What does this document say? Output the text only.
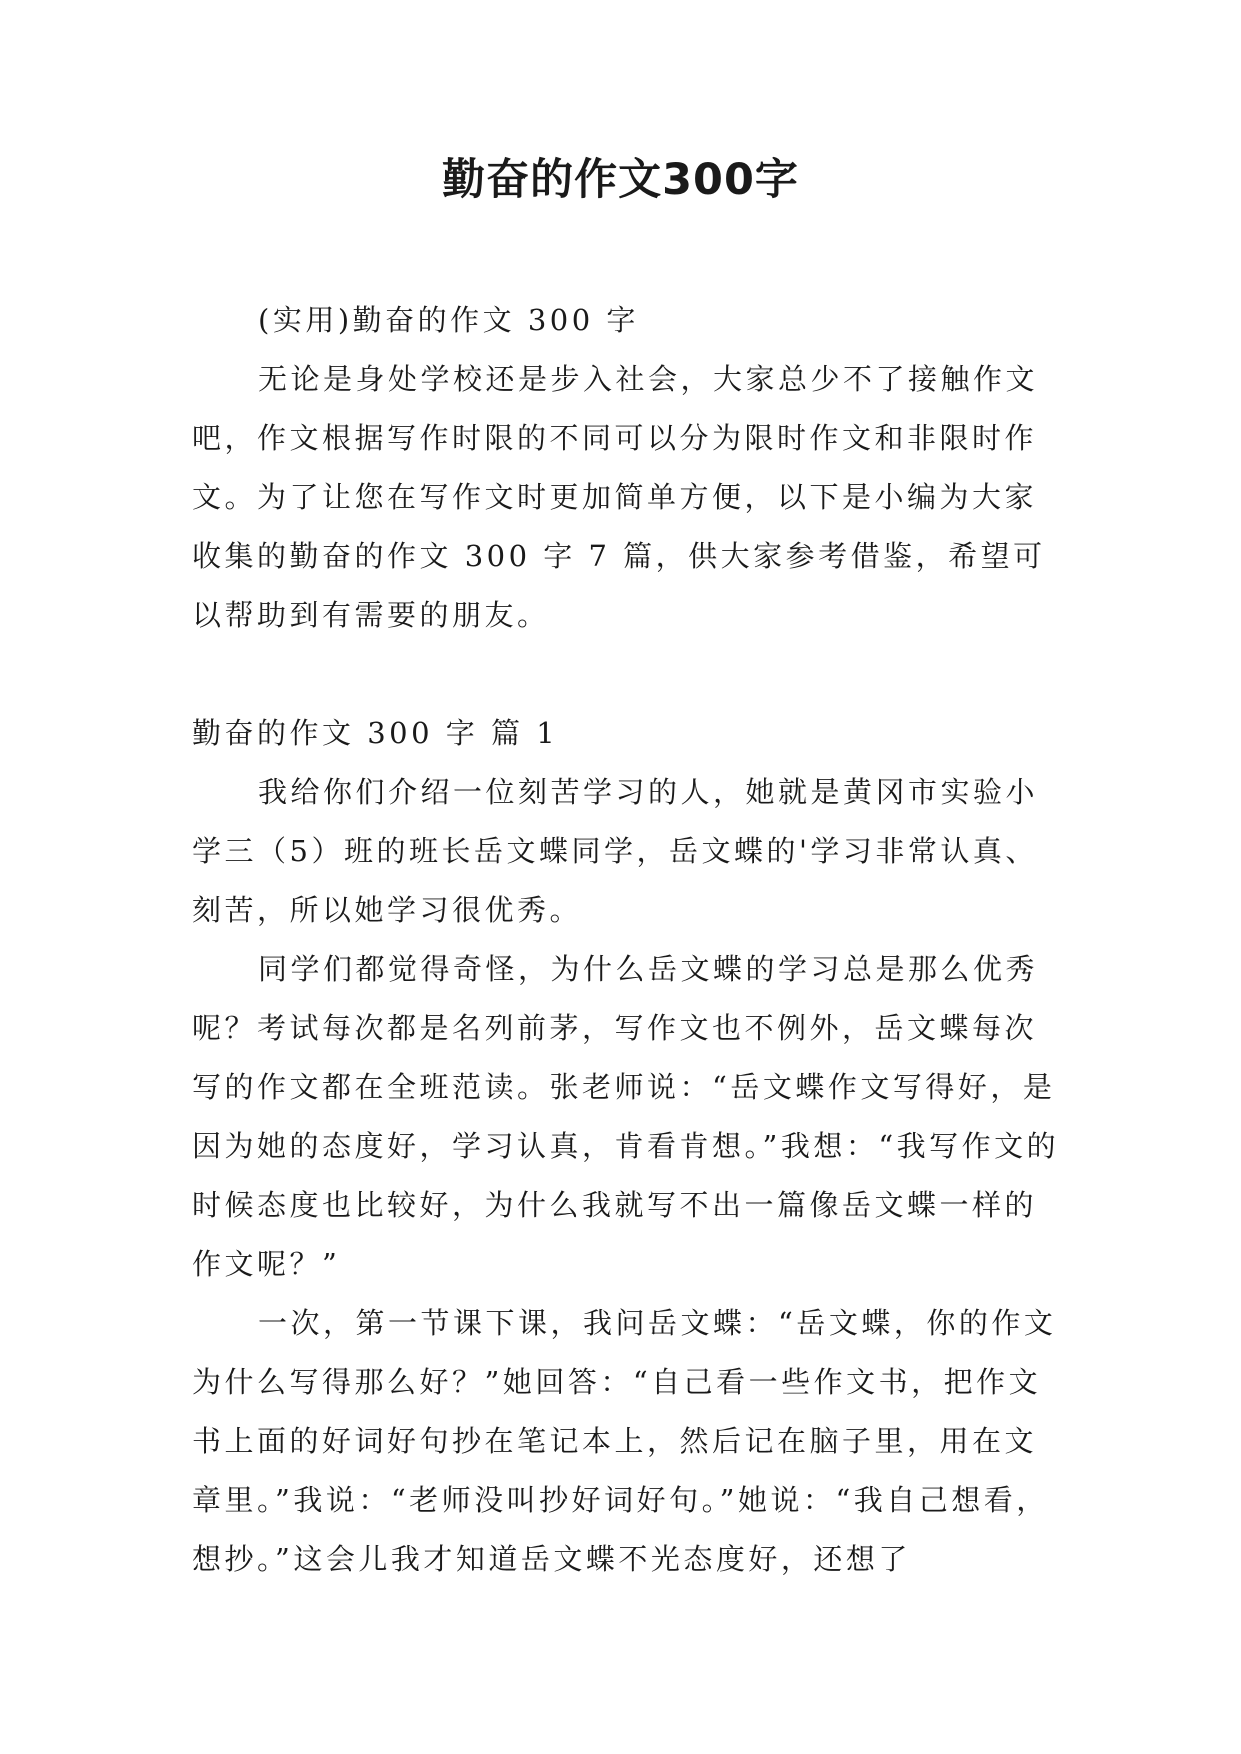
勤奋的作文300字

(实用)勤奋的作文 300 字

无论是身处学校还是步入社会，大家总少不了接触作文吧，作文根据写作时限的不同可以分为限时作文和非限时作文。为了让您在写作文时更加简单方便，以下是小编为大家收集的勤奋的作文 300 字 7 篇，供大家参考借鉴，希望可以帮助到有需要的朋友。

勤奋的作文 300 字 篇 1

我给你们介绍一位刻苦学习的人，她就是黄冈市实验小学三（5）班的班长岳文蝶同学，岳文蝶的'学习非常认真、刻苦，所以她学习很优秀。

同学们都觉得奇怪，为什么岳文蝶的学习总是那么优秀呢？考试每次都是名列前茅，写作文也不例外，岳文蝶每次写的作文都在全班范读。张老师说：“岳文蝶作文写得好，是因为她的态度好，学习认真，肯看肯想。”我想：“我写作文的时候态度也比较好，为什么我就写不出一篇像岳文蝶一样的作文呢？”

一次，第一节课下课，我问岳文蝶：“岳文蝶，你的作文为什么写得那么好？”她回答：“自己看一些作文书，把作文书上面的好词好句抄在笔记本上，然后记在脑子里，用在文章里。”我说：“老师没叫抄好词好句。”她说：“我自己想看，想抄。”这会儿我才知道岳文蝶不光态度好，还想了
